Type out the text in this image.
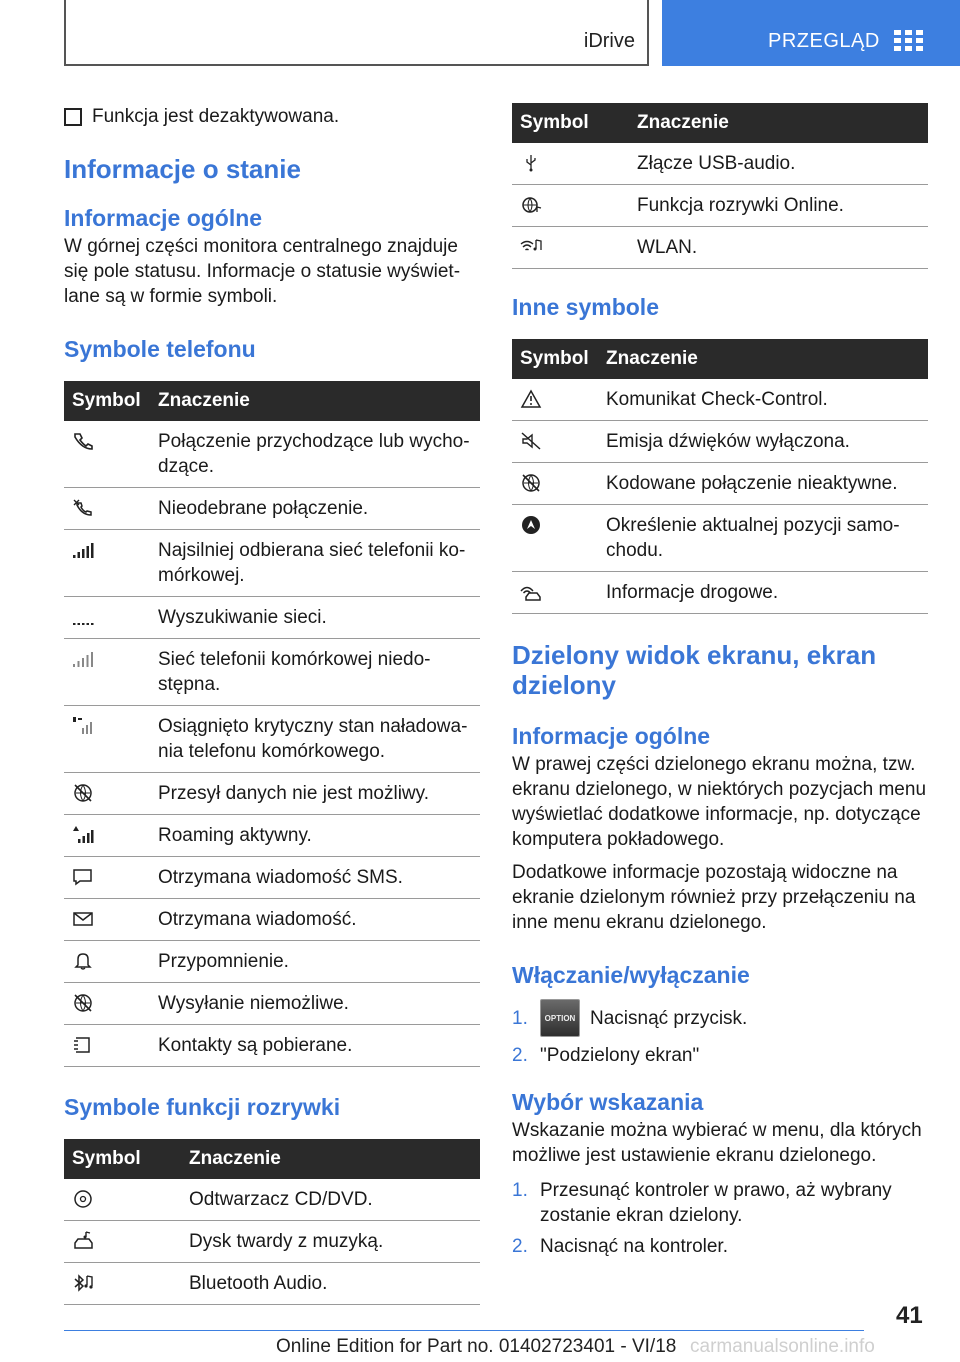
iDrive	PRZEGLĄD
Funkcja jest dezaktywowana.
Informacje o stanie
Informacje ogólne
W górnej części monitora centralnego znajduje się pole statusu. Informacje o statusie wyświetlane są w formie symboli.
Symbole telefonu
Symbol	Znaczenie

	Połączenie przychodzące lub wychodzące.

	Nieodebrane połączenie.

	Najsilniej odbierana sieć telefonii komórkowej.

	Wyszukiwanie sieci.

	Sieć telefonii komórkowej niedostępna.

	Osiągnięto krytyczny stan naładowania telefonu komórkowego.

	Przesył danych nie jest możliwy.

	Roaming aktywny.

	Otrzymana wiadomość SMS.

	Otrzymana wiadomość.

	Przypomnienie.

	Wysyłanie niemożliwe.

	Kontakty są pobierane.
Symbole funkcji rozrywki
Symbol	Znaczenie

	Odtwarzacz CD/DVD.

	Dysk twardy z muzyką.

	Bluetooth Audio.
Symbol	Znaczenie

	Złącze USB-audio.

	Funkcja rozrywki Online.

	WLAN.
Inne symbole
Symbol	Znaczenie

	Komunikat Check-Control.

	Emisja dźwięków wyłączona.

	Kodowane połączenie nieaktywne.

	Określenie aktualnej pozycji samochodu.

	Informacje drogowe.
Dzielony widok ekranu, ekran dzielony
Informacje ogólne
W prawej części dzielonego ekranu można, tzw. ekranu dzielonego, w niektórych pozycjach menu wyświetlać dodatkowe informacje, np. dotyczące komputera pokładowego.
Dodatkowe informacje pozostają widoczne na ekranie dzielonym również przy przełączeniu na inne menu ekranu dzielonego.
Włączanie/wyłączanie
1.	OPTION Nacisnąć przycisk.
2. "Podzielony ekran"
Wybór wskazania
Wskazanie można wybierać w menu, dla których możliwe jest ustawienie ekranu dzielonego.
1. Przesunąć kontroler w prawo, aż wybrany zostanie ekran dzielony.
2. Nacisnąć na kontroler.
41
Online Edition for Part no. 01402723401 - VI/18 carmanualsonline.info
